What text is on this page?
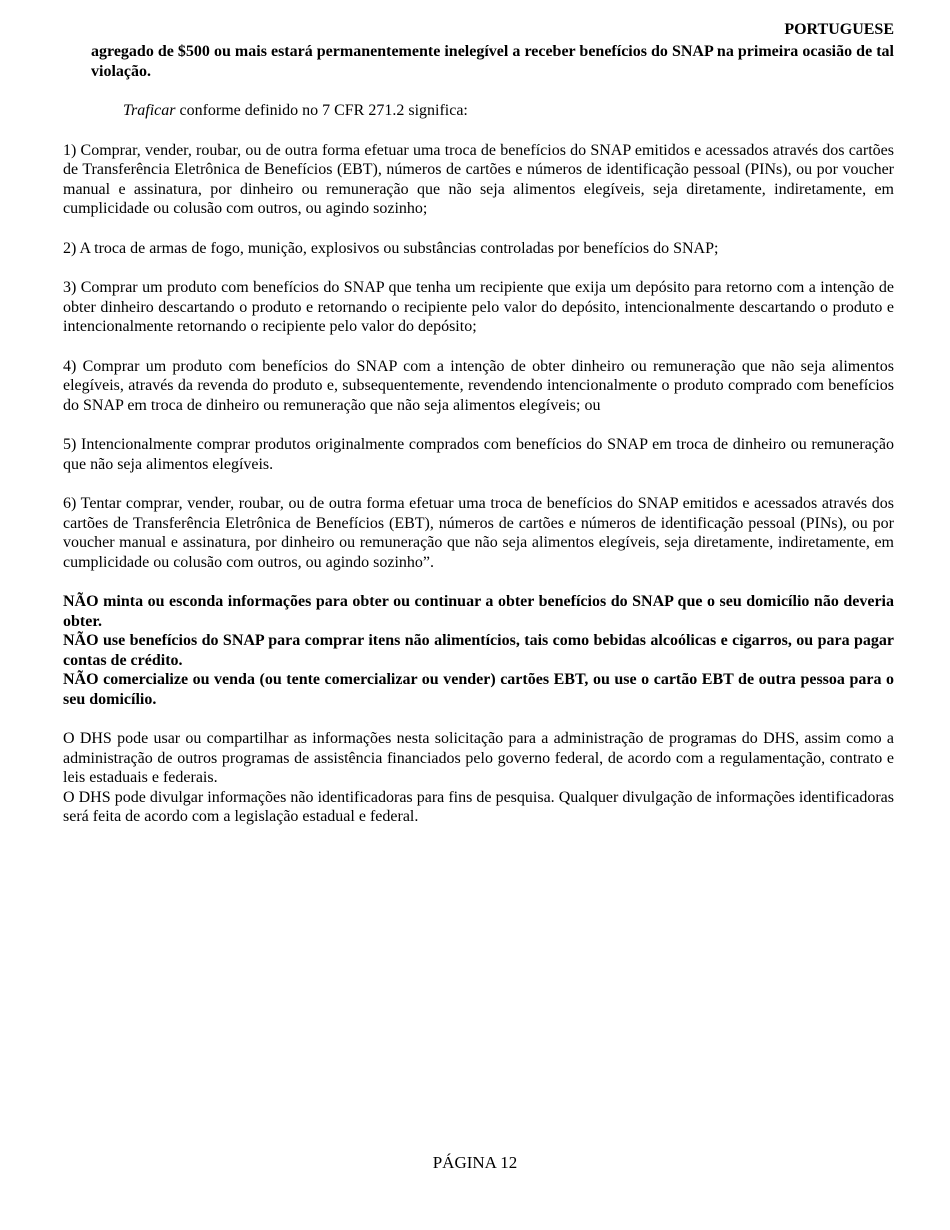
PORTUGUESE

agregado de $500 ou mais estará permanentemente inelegível a receber benefícios do SNAP na primeira ocasião de tal violação.

Traficar conforme definido no 7 CFR 271.2 significa:

1) Comprar, vender, roubar, ou de outra forma efetuar uma troca de benefícios do SNAP emitidos e acessados através dos cartões de Transferência Eletrônica de Benefícios (EBT), números de cartões e números de identificação pessoal (PINs), ou por voucher manual e assinatura, por dinheiro ou remuneração que não seja alimentos elegíveis, seja diretamente, indiretamente, em cumplicidade ou colusão com outros, ou agindo sozinho;

2) A troca de armas de fogo, munição, explosivos ou substâncias controladas por benefícios do SNAP;

3) Comprar um produto com benefícios do SNAP que tenha um recipiente que exija um depósito para retorno com a intenção de obter dinheiro descartando o produto e retornando o recipiente pelo valor do depósito, intencionalmente descartando o produto e intencionalmente retornando o recipiente pelo valor do depósito;

4) Comprar um produto com benefícios do SNAP com a intenção de obter dinheiro ou remuneração que não seja alimentos elegíveis, através da revenda do produto e, subsequentemente, revendendo intencionalmente o produto comprado com benefícios do SNAP em troca de dinheiro ou remuneração que não seja alimentos elegíveis; ou

5) Intencionalmente comprar produtos originalmente comprados com benefícios do SNAP em troca de dinheiro ou remuneração que não seja alimentos elegíveis.

6) Tentar comprar, vender, roubar, ou de outra forma efetuar uma troca de benefícios do SNAP emitidos e acessados através dos cartões de Transferência Eletrônica de Benefícios (EBT), números de cartões e números de identificação pessoal (PINs), ou por voucher manual e assinatura, por dinheiro ou remuneração que não seja alimentos elegíveis, seja diretamente, indiretamente, em cumplicidade ou colusão com outros, ou agindo sozinho”.

NÃO minta ou esconda informações para obter ou continuar a obter benefícios do SNAP que o seu domicílio não deveria obter.

NÃO use benefícios do SNAP para comprar itens não alimentícios, tais como bebidas alcoólicas e cigarros, ou para pagar contas de crédito.

NÃO comercialize ou venda (ou tente comercializar ou vender) cartões EBT, ou use o cartão EBT de outra pessoa para o seu domicílio.

O DHS pode usar ou compartilhar as informações nesta solicitação para a administração de programas do DHS, assim como a administração de outros programas de assistência financiados pelo governo federal, de acordo com a regulamentação, contrato e leis estaduais e federais.

O DHS pode divulgar informações não identificadoras para fins de pesquisa. Qualquer divulgação de informações identificadoras será feita de acordo com a legislação estadual e federal.

PÁGINA 12
